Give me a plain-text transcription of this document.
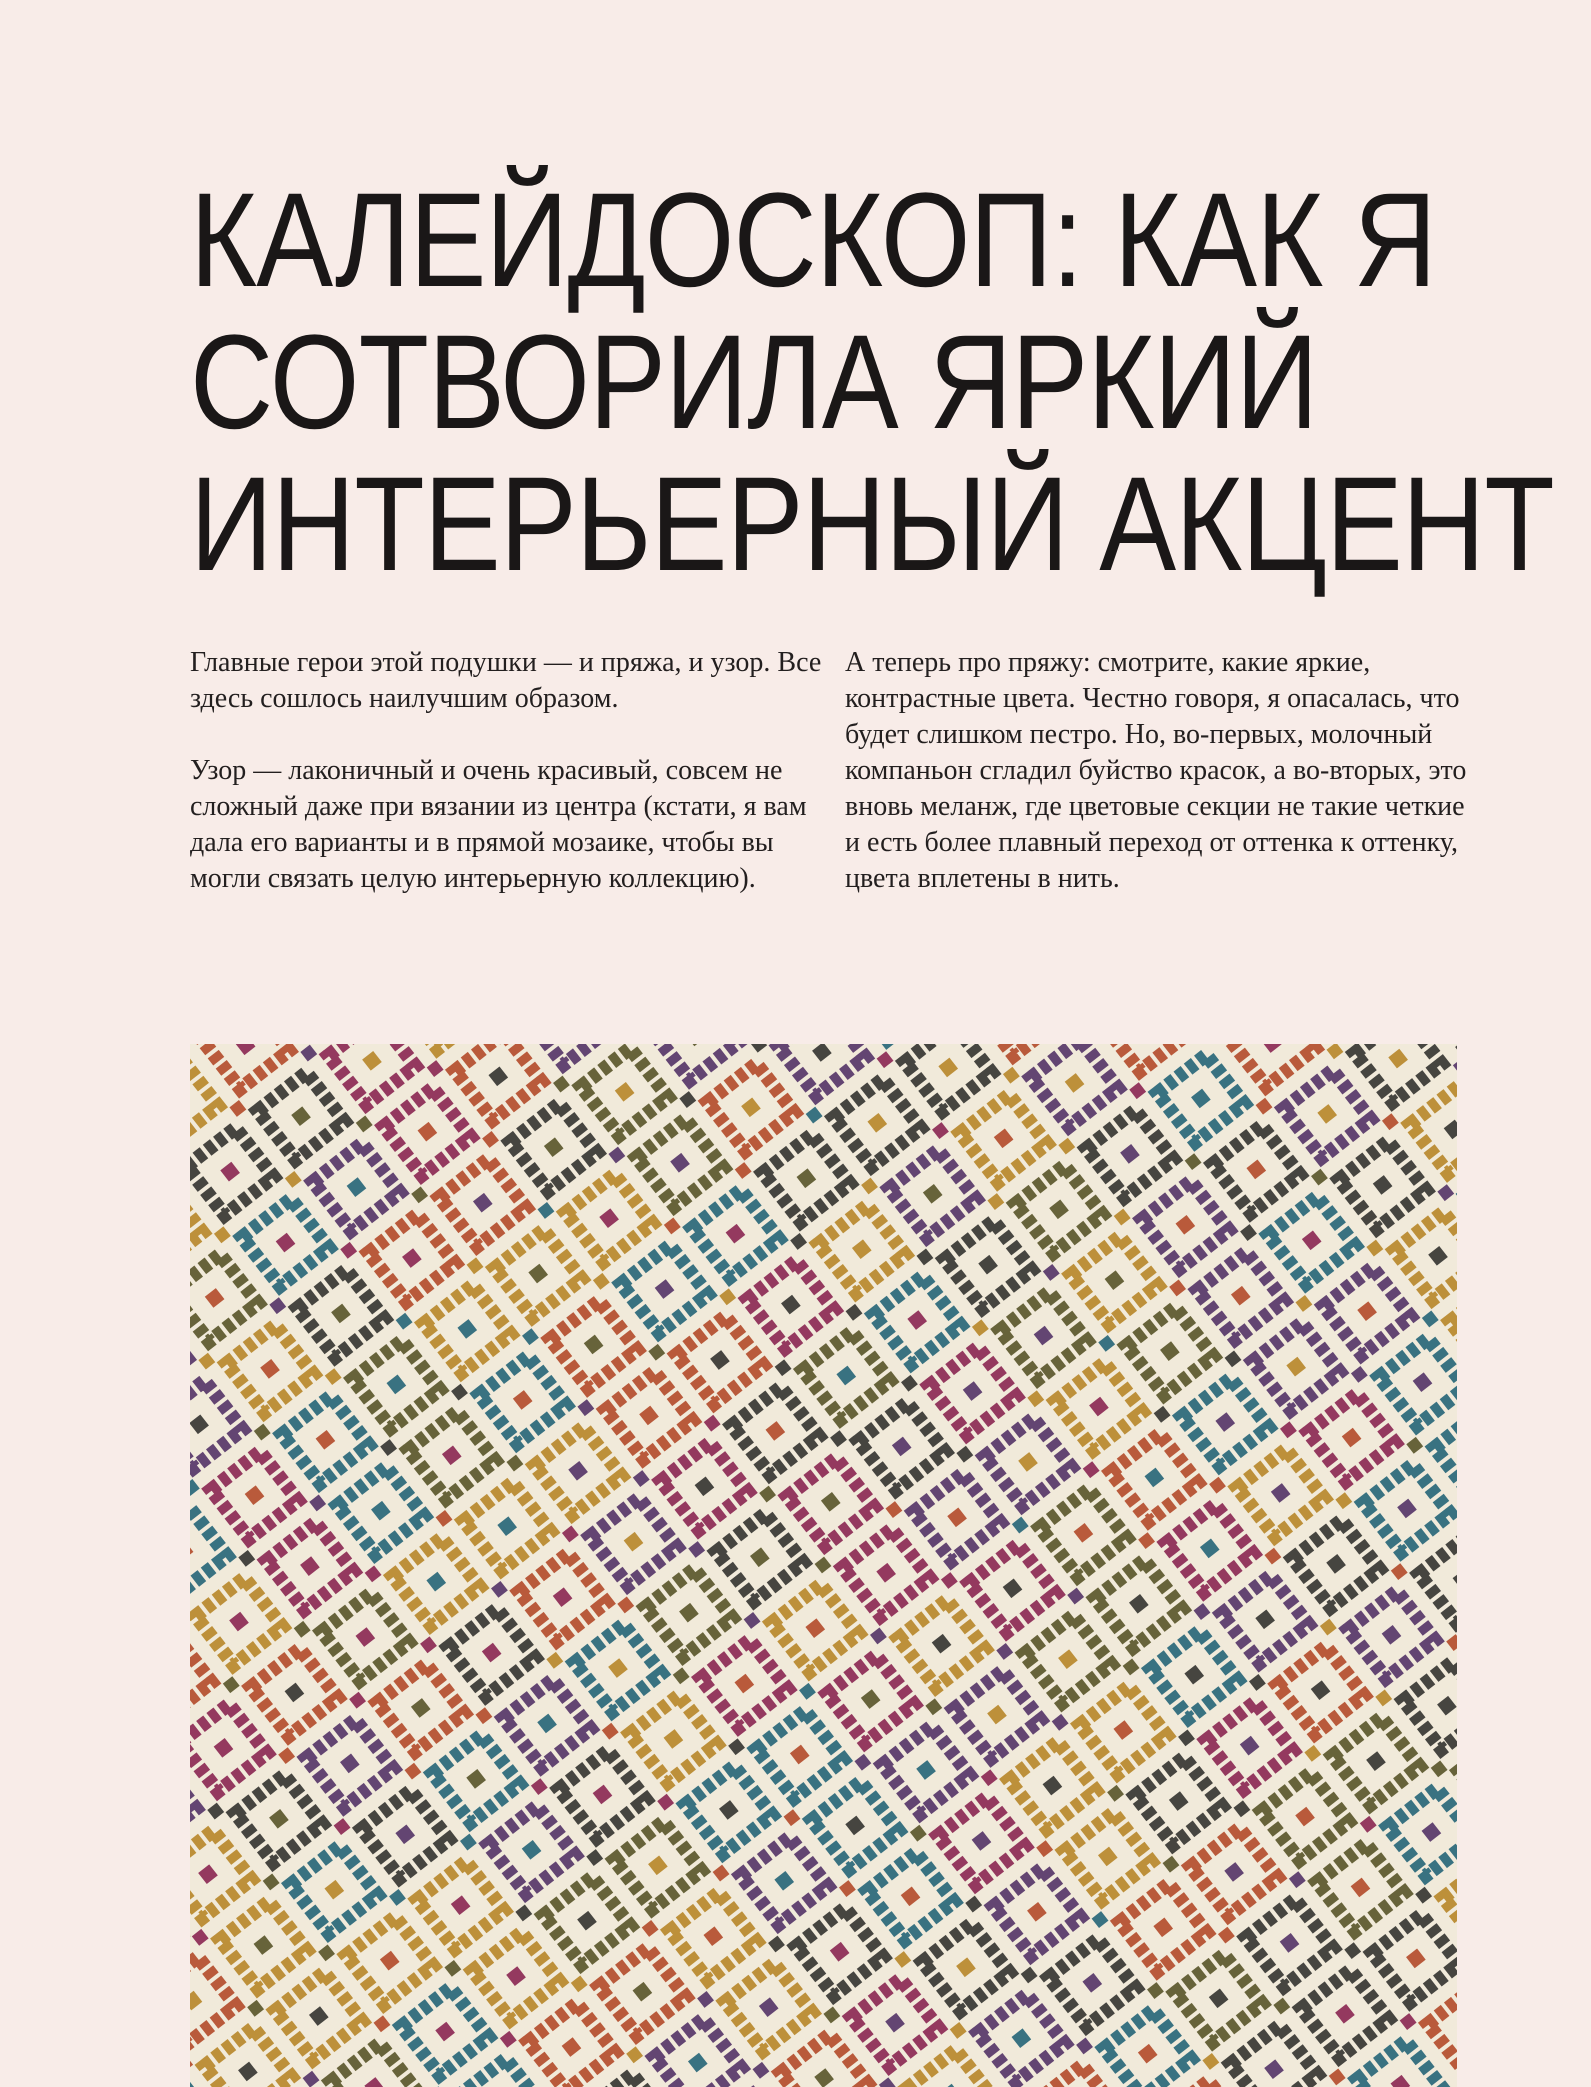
КАЛЕЙДОСКОП: КАК Я
СОТВОРИЛА ЯРКИЙ
ИНТЕРЬЕРНЫЙ АКЦЕНТ

Главные герои этой подушки — и пряжа, и узор. Все здесь сошлось наилучшим образом.

Узор — лаконичный и очень красивый, совсем не сложный даже при вязании из центра (кстати, я вам дала его варианты и в прямой мозаике, чтобы вы могли связать целую интерьерную коллекцию).

А теперь про пряжу: смотрите, какие яркие, контрастные цвета. Честно говоря, я опасалась, что будет слишком пестро. Но, во-первых, молочный компаньон сгладил буйство красок, а во-вторых, это вновь меланж, где цветовые секции не такие четкие и есть более плавный переход от оттенка к оттенку, цвета вплетены в нить.
